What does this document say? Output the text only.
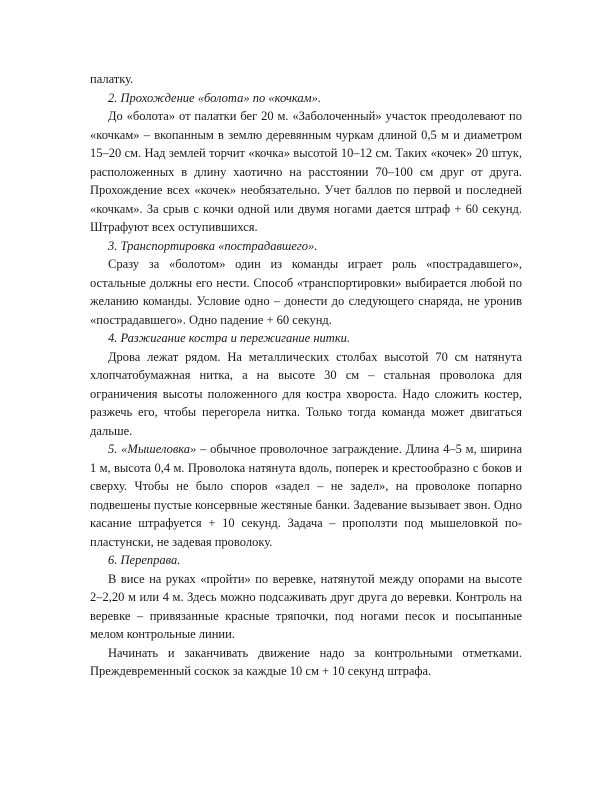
палатку.

2. Прохождение «болота» по «кочкам».

До «болота» от палатки бег 20 м. «Заболоченный» участок преодолевают по «кочкам» – вкопанным в землю деревянным чуркам длиной 0,5 м и диаметром 15–20 см. Над землей торчит «кочка» высотой 10–12 см. Таких «кочек» 20 штук, расположенных в длину хаотично на расстоянии 70–100 см друг от друга. Прохождение всех «кочек» необязательно. Учет баллов по первой и последней «кочкам». За срыв с кочки одной или двумя ногами дается штраф + 60 секунд. Штрафуют всех оступившихся.

3. Транспортировка «пострадавшего».

Сразу за «болотом» один из команды играет роль «пострадавшего», остальные должны его нести. Способ «транспортировки» выбирается любой по желанию команды. Условие одно – донести до следующего снаряда, не уронив «пострадавшего». Одно падение + 60 секунд.

4. Разжигание костра и пережигание нитки.

Дрова лежат рядом. На металлических столбах высотой 70 см натянута хлопчатобумажная нитка, а на высоте 30 см – стальная проволока для ограничения высоты положенного для костра хвороста. Надо сложить костер, разжечь его, чтобы перегорела нитка. Только тогда команда может двигаться дальше.

5. «Мышеловка» – обычное проволочное заграждение. Длина 4–5 м, ширина 1 м, высота 0,4 м. Проволока натянута вдоль, поперек и крестообразно с боков и сверху. Чтобы не было споров «задел – не задел», на проволоке попарно подвешены пустые консервные жестяные банки. Задевание вызывает звон. Одно касание штрафуется + 10 секунд. Задача – проползти под мышеловкой по-пластунски, не задевая проволоку.

6. Переправа.

В висе на руках «пройти» по веревке, натянутой между опорами на высоте 2–2,20 м или 4 м. Здесь можно подсаживать друг друга до веревки. Контроль на веревке – привязанные красные тряпочки, под ногами песок и посыпанные мелом контрольные линии.

Начинать и заканчивать движение надо за контрольными отметками. Преждевременный соскок за каждые 10 см + 10 секунд штрафа.
